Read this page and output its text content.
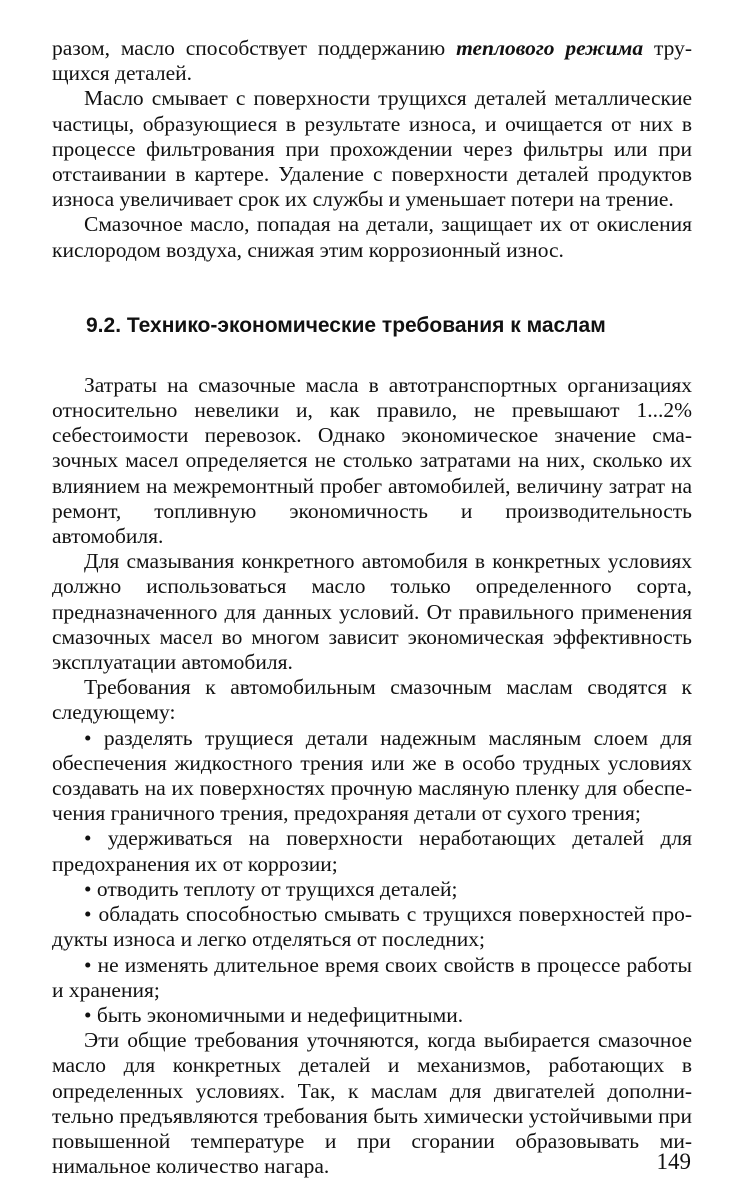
разом, масло способствует поддержанию теплового режима трущихся деталей.

Масло смывает с поверхности трущихся деталей металлические частицы, образующиеся в результате износа, и очищается от них в процессе фильтрования при прохождении через фильтры или при отстаивании в картере. Удаление с поверхности деталей продуктов износа увеличивает срок их службы и уменьшает потери на трение.

Смазочное масло, попадая на детали, защищает их от окисления кислородом воздуха, снижая этим коррозионный износ.

9.2. Технико-экономические требования к маслам

Затраты на смазочные масла в автотранспортных организациях относительно невелики и, как правило, не превышают 1...2% себестоимости перевозок. Однако экономическое значение смазочных масел определяется не столько затратами на них, сколько их влиянием на межремонтный пробег автомобилей, величину затрат на ремонт, топливную экономичность и производительность автомобиля.

Для смазывания конкретного автомобиля в конкретных условиях должно использоваться масло только определенного сорта, предназначенного для данных условий. От правильного применения смазочных масел во многом зависит экономическая эффективность эксплуатации автомобиля.

Требования к автомобильным смазочным маслам сводятся к следующему:

• разделять трущиеся детали надежным масляным слоем для обеспечения жидкостного трения или же в особо трудных условиях создавать на их поверхностях прочную масляную пленку для обеспечения граничного трения, предохраняя детали от сухого трения;

• удерживаться на поверхности неработающих деталей для предохранения их от коррозии;

• отводить теплоту от трущихся деталей;

• обладать способностью смывать с трущихся поверхностей продукты износа и легко отделяться от последних;

• не изменять длительное время своих свойств в процессе работы и хранения;

• быть экономичными и недефицитными.

Эти общие требования уточняются, когда выбирается смазочное масло для конкретных деталей и механизмов, работающих в определенных условиях. Так, к маслам для двигателей дополнительно предъявляются требования быть химически устойчивыми при повышенной температуре и при сгорании образовывать минимальное количество нагара.	149
